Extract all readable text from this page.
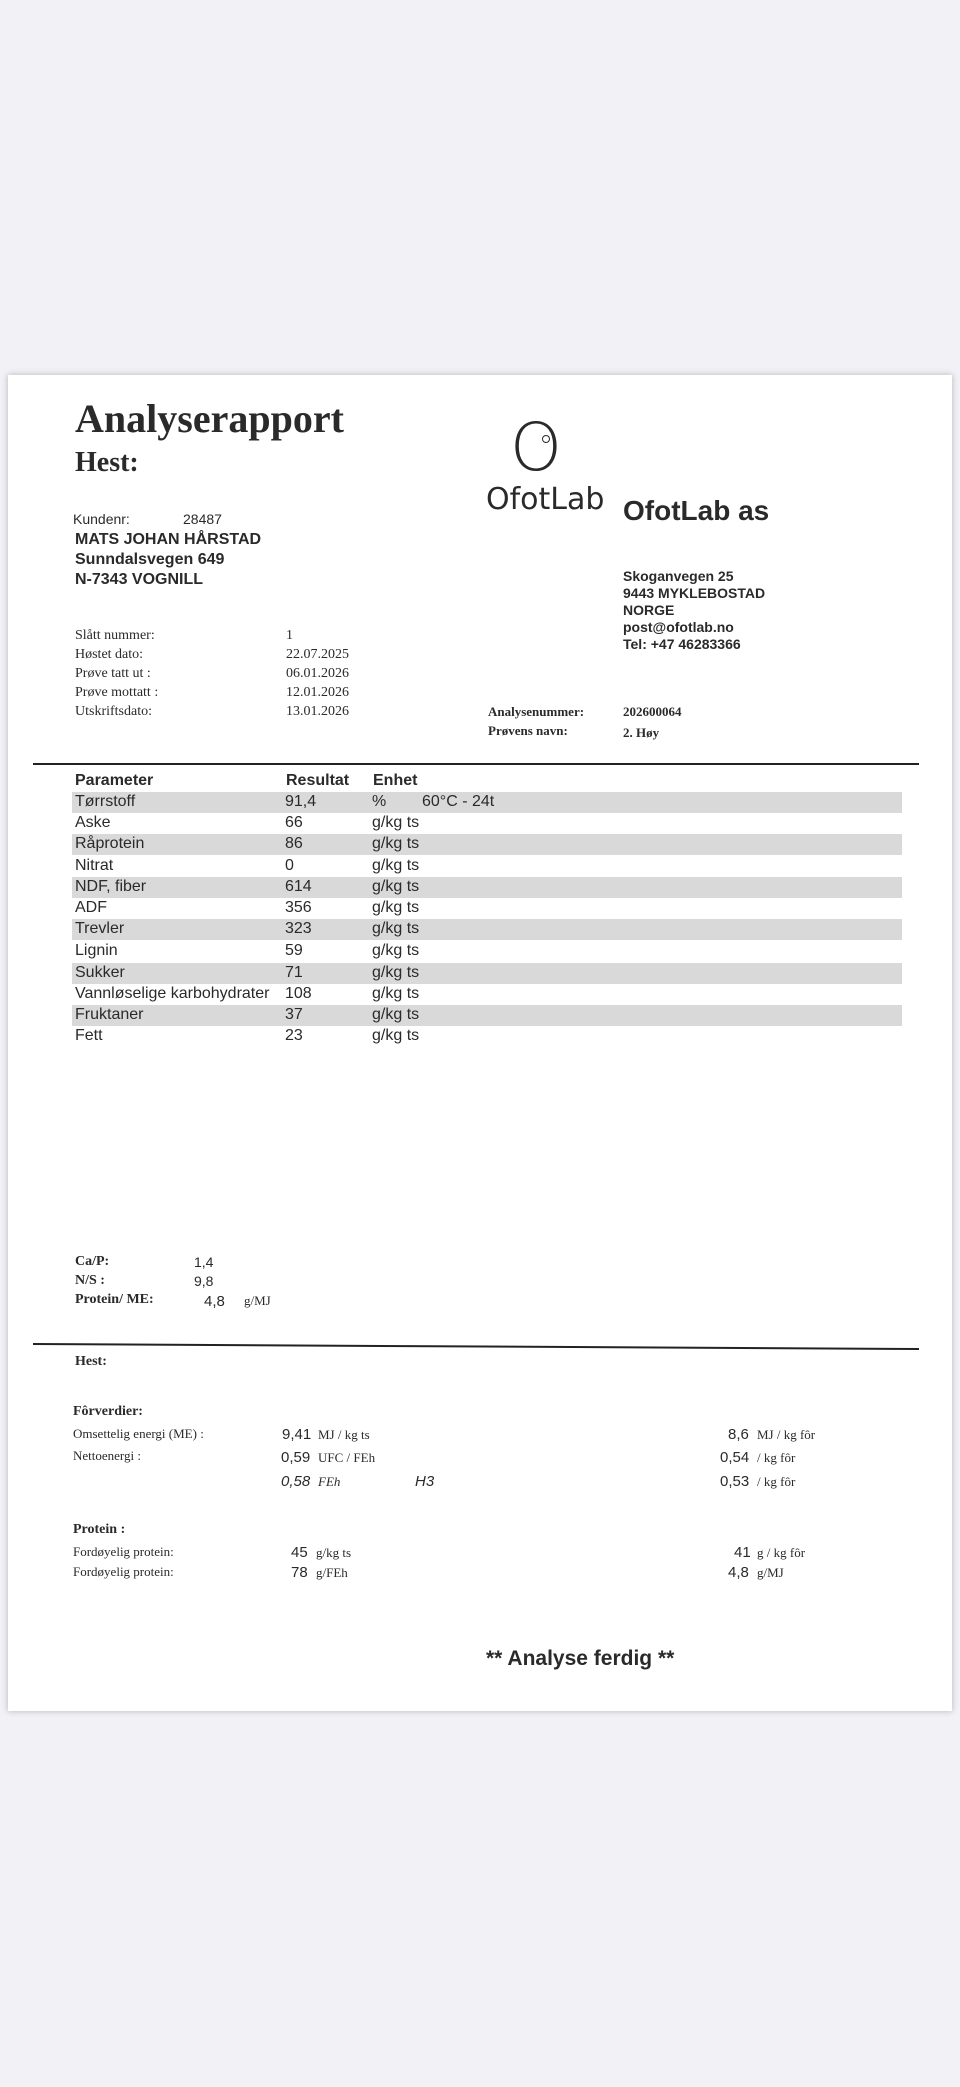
Analyserapport
Hest:	O
OfotLab OfotLab as
Skoganvegen 25
9443 MYKLEBOSTAD
NORGE
post@ofotlab.no
Tel: +47 46283366
Kundenr:	28487
MATS JOHAN HÅRSTAD
Sunndalsvegen 649
N-7343 VOGNILL
Slått nummer:	1
Høstet dato:	22.07.2025
Prøve tatt ut :	06.01.2026
Prøve mottatt :	12.01.2026
Utskriftsdato:	13.01.2026	Analysenummer:	202600064
Prøvens navn:	2. Høy
Parameter	Resultat Enhet
Tørrstoff	91,4	% 60°C - 24t
Aske	66	g/kg ts
Råprotein	86	g/kg ts
Nitrat	0	g/kg ts
NDF, fiber	614	g/kg ts
ADF	356	g/kg ts
Trevler	323	g/kg ts
Lignin	59	g/kg ts
Sukker	71	g/kg ts
Vannløselige karbohydrater 108	g/kg ts
Fruktaner	37	g/kg ts
Fett	23	g/kg ts
Ca/P:	1,4
N/S :	9,8
Protein/ ME:	4,8 g/MJ
Hest:
Fôrverdier:
Omsettelig energi (ME) :	9,41 MJ / kg ts	8,6 MJ / kg fôr
Nettoenergi :	0,59 UFC / FEh	0,54 / kg fôr
0,58 FEh	H3	0,53 / kg fôr
Protein :
Fordøyelig protein:	45 g/kg ts	41 g / kg fôr
Fordøyelig protein:	78 g/FEh	4,8 g/MJ
** Analyse ferdig **
